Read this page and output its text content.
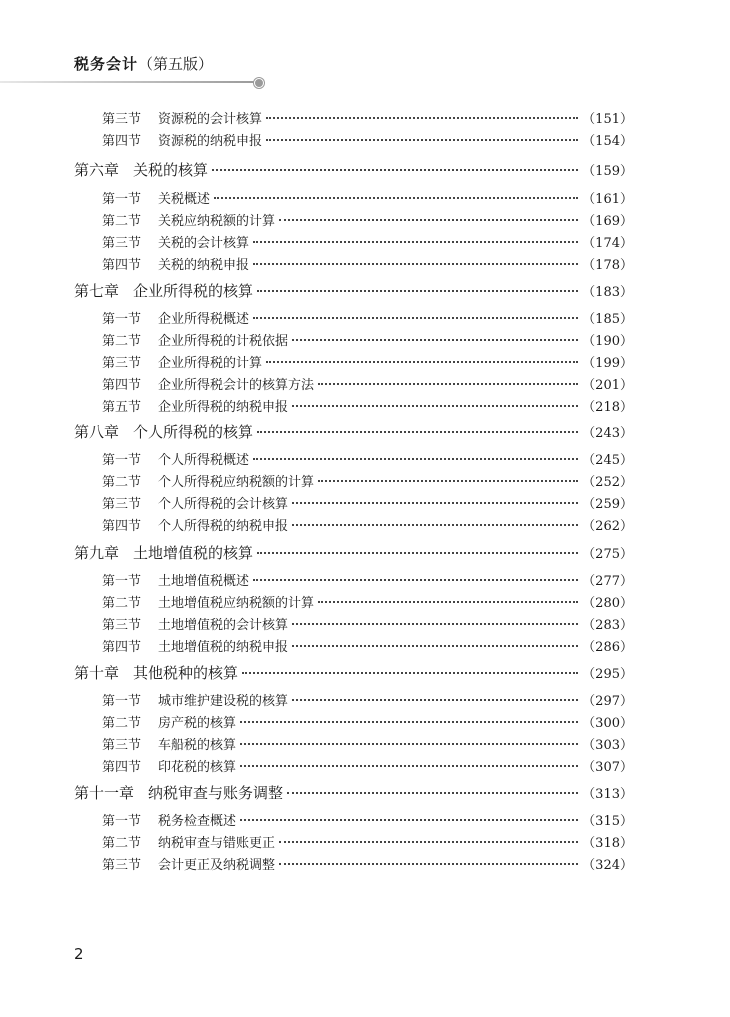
税务会计（第五版）
第三节	资源税的会计核算	（151）
第四节	资源税的纳税申报	（154）
第六章 关税的核算	（159）
第一节	关税概述	（161）
第二节	关税应纳税额的计算	（169）
第三节	关税的会计核算	（174）
第四节	关税的纳税申报	（178）
第七章 企业所得税的核算	（183）
第一节	企业所得税概述	（185）
第二节	企业所得税的计税依据	（190）
第三节	企业所得税的计算	（199）
第四节	企业所得税会计的核算方法	（201）
第五节	企业所得税的纳税申报	（218）
第八章 个人所得税的核算	（243）
第一节	个人所得税概述	（245）
第二节	个人所得税应纳税额的计算	（252）
第三节	个人所得税的会计核算	（259）
第四节	个人所得税的纳税申报	（262）
第九章 土地增值税的核算	（275）
第一节	土地增值税概述	（277）
第二节	土地增值税应纳税额的计算	（280）
第三节	土地增值税的会计核算	（283）
第四节	土地增值税的纳税申报	（286）
第十章 其他税种的核算	（295）
第一节	城市维护建设税的核算	（297）
第二节	房产税的核算	（300）
第三节	车船税的核算	（303）
第四节	印花税的核算	（307）
第十一章 纳税审查与账务调整	（313）
第一节	税务检查概述	（315）
第二节	纳税审查与错账更正	（318）
第三节	会计更正及纳税调整	（324）
2
